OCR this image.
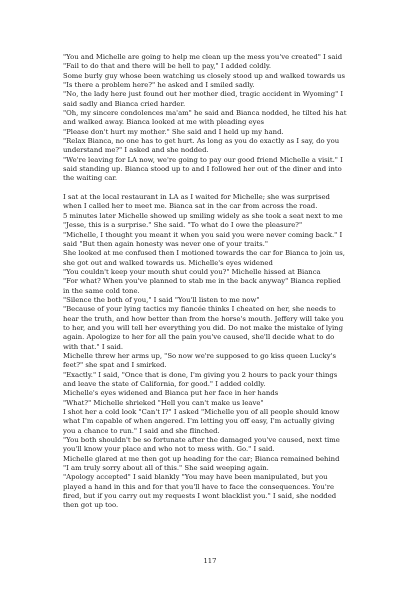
"You and Michelle are going to help me clean up the mess you've created" I said

"Fail to do that and there will be hell to pay," I added coldly.

Some burly guy whose been watching us closely stood up and walked towards us

"Is there a problem here?" he asked and I smiled sadly.

"No, the lady here just found out her mother died, tragic accident in Wyoming" I

said sadly and Bianca cried harder.

"Oh, my sincere condolences ma'am" he said and Bianca nodded, he tilted his hat

and walked away. Bianca looked at me with pleading eyes

"Please don't hurt my mother." She said and I held up my hand.

"Relax Bianca, no one has to get hurt. As long as you do exactly as I say, do you

understand me?" I asked and she nodded.

"We're leaving for LA now, we're going to pay our good friend Michelle a visit." I

said standing up. Bianca stood up to and I followed her out of the diner and into

the waiting car.

I sat at the local restaurant in LA as I waited for Michelle; she was surprised

when I called her to meet me. Bianca sat in the car from across the road.

5 minutes later Michelle showed up smiling widely as she took a seat next to me

"Jesse, this is a surprise." She said. "To what do I owe the pleasure?"

"Michelle, I thought you meant it when you said you were never coming back." I

said "But then again honesty was never one of your traits."

She looked at me confused then I motioned towards the car for Bianca to join us,

she got out and walked towards us. Michelle's eyes widened

"You couldn't keep your mouth shut could you?" Michelle hissed at Bianca

"For what? When you've planned to stab me in the back anyway" Bianca replied

in the same cold tone.

"Silence the both of you," I said "You'll listen to me now"

"Because of your lying tactics my fiancée thinks I cheated on her, she needs to

hear the truth, and how better than from the horse's mouth. Jeffery will take you

to her, and you will tell her everything you did. Do not make the mistake of lying

again. Apologize to her for all the pain you've caused, she'll decide what to do

with that." I said.

Michelle threw her arms up, "So now we're supposed to go kiss queen Lucky's

feet?" she spat and I smirked.

"Exactly." I said, "Once that is done, I'm giving you 2 hours to pack your things

and leave the state of California, for good." I added coldly.

Michelle's eyes widened and Bianca put her face in her hands

"What?" Michelle shrieked "Hell you can't make us leave"

I shot her a cold look "Can't I?" I asked "Michelle you of all people should know

what I'm capable of when angered. I'm letting you off easy, I'm actually giving

you a chance to run." I said and she flinched.

"You both shouldn't be so fortunate after the damaged you've caused, next time

you'll know your place and who not to mess with. Go." I said.

Michelle glared at me then got up heading for the car; Bianca remained behind

"I am truly sorry about all of this." She said weeping again.

"Apology accepted" I said blankly "You may have been manipulated, but you

played a hand in this and for that you'll have to face the consequences. You're

fired, but if you carry out my requests I wont blacklist you." I said, she nodded

then got up too.

117
